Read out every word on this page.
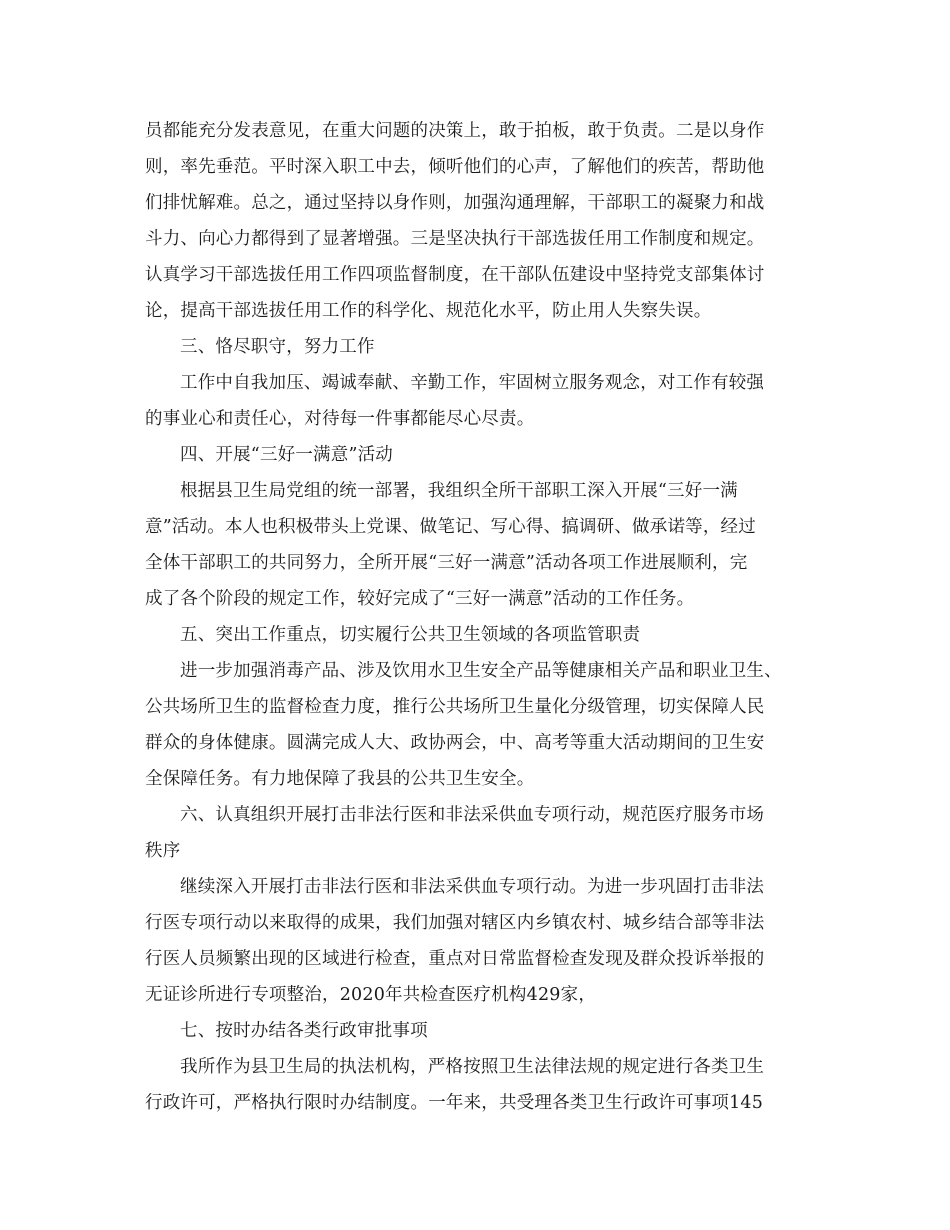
员都能充分发表意见，在重大问题的决策上，敢于拍板，敢于负责。二是以身作
则，率先垂范。平时深入职工中去，倾听他们的心声，了解他们的疾苦，帮助他
们排忧解难。总之，通过坚持以身作则，加强沟通理解，干部职工的凝聚力和战
斗力、向心力都得到了显著增强。三是坚决执行干部选拔任用工作制度和规定。
认真学习干部选拔任用工作四项监督制度，在干部队伍建设中坚持党支部集体讨
论，提高干部选拔任用工作的科学化、规范化水平，防止用人失察失误。
三、恪尽职守，努力工作
工作中自我加压、竭诚奉献、辛勤工作，牢固树立服务观念，对工作有较强
的事业心和责任心，对待每一件事都能尽心尽责。
四、开展“三好一满意”活动
根据县卫生局党组的统一部署，我组织全所干部职工深入开展“三好一满
意”活动。本人也积极带头上党课、做笔记、写心得、搞调研、做承诺等，经过
全体干部职工的共同努力，全所开展“三好一满意”活动各项工作进展顺利，完
成了各个阶段的规定工作，较好完成了“三好一满意”活动的工作任务。
五、突出工作重点，切实履行公共卫生领域的各项监管职责
进一步加强消毒产品、涉及饮用水卫生安全产品等健康相关产品和职业卫生、
公共场所卫生的监督检查力度，推行公共场所卫生量化分级管理，切实保障人民
群众的身体健康。圆满完成人大、政协两会，中、高考等重大活动期间的卫生安
全保障任务。有力地保障了我县的公共卫生安全。
六、认真组织开展打击非法行医和非法采供血专项行动，规范医疗服务市场
秩序
继续深入开展打击非法行医和非法采供血专项行动。为进一步巩固打击非法
行医专项行动以来取得的成果，我们加强对辖区内乡镇农村、城乡结合部等非法
行医人员频繁出现的区域进行检查，重点对日常监督检查发现及群众投诉举报的
无证诊所进行专项整治，2020年共检查医疗机构429家，
七、按时办结各类行政审批事项
我所作为县卫生局的执法机构，严格按照卫生法律法规的规定进行各类卫生
行政许可，严格执行限时办结制度。一年来，共受理各类卫生行政许可事项145
